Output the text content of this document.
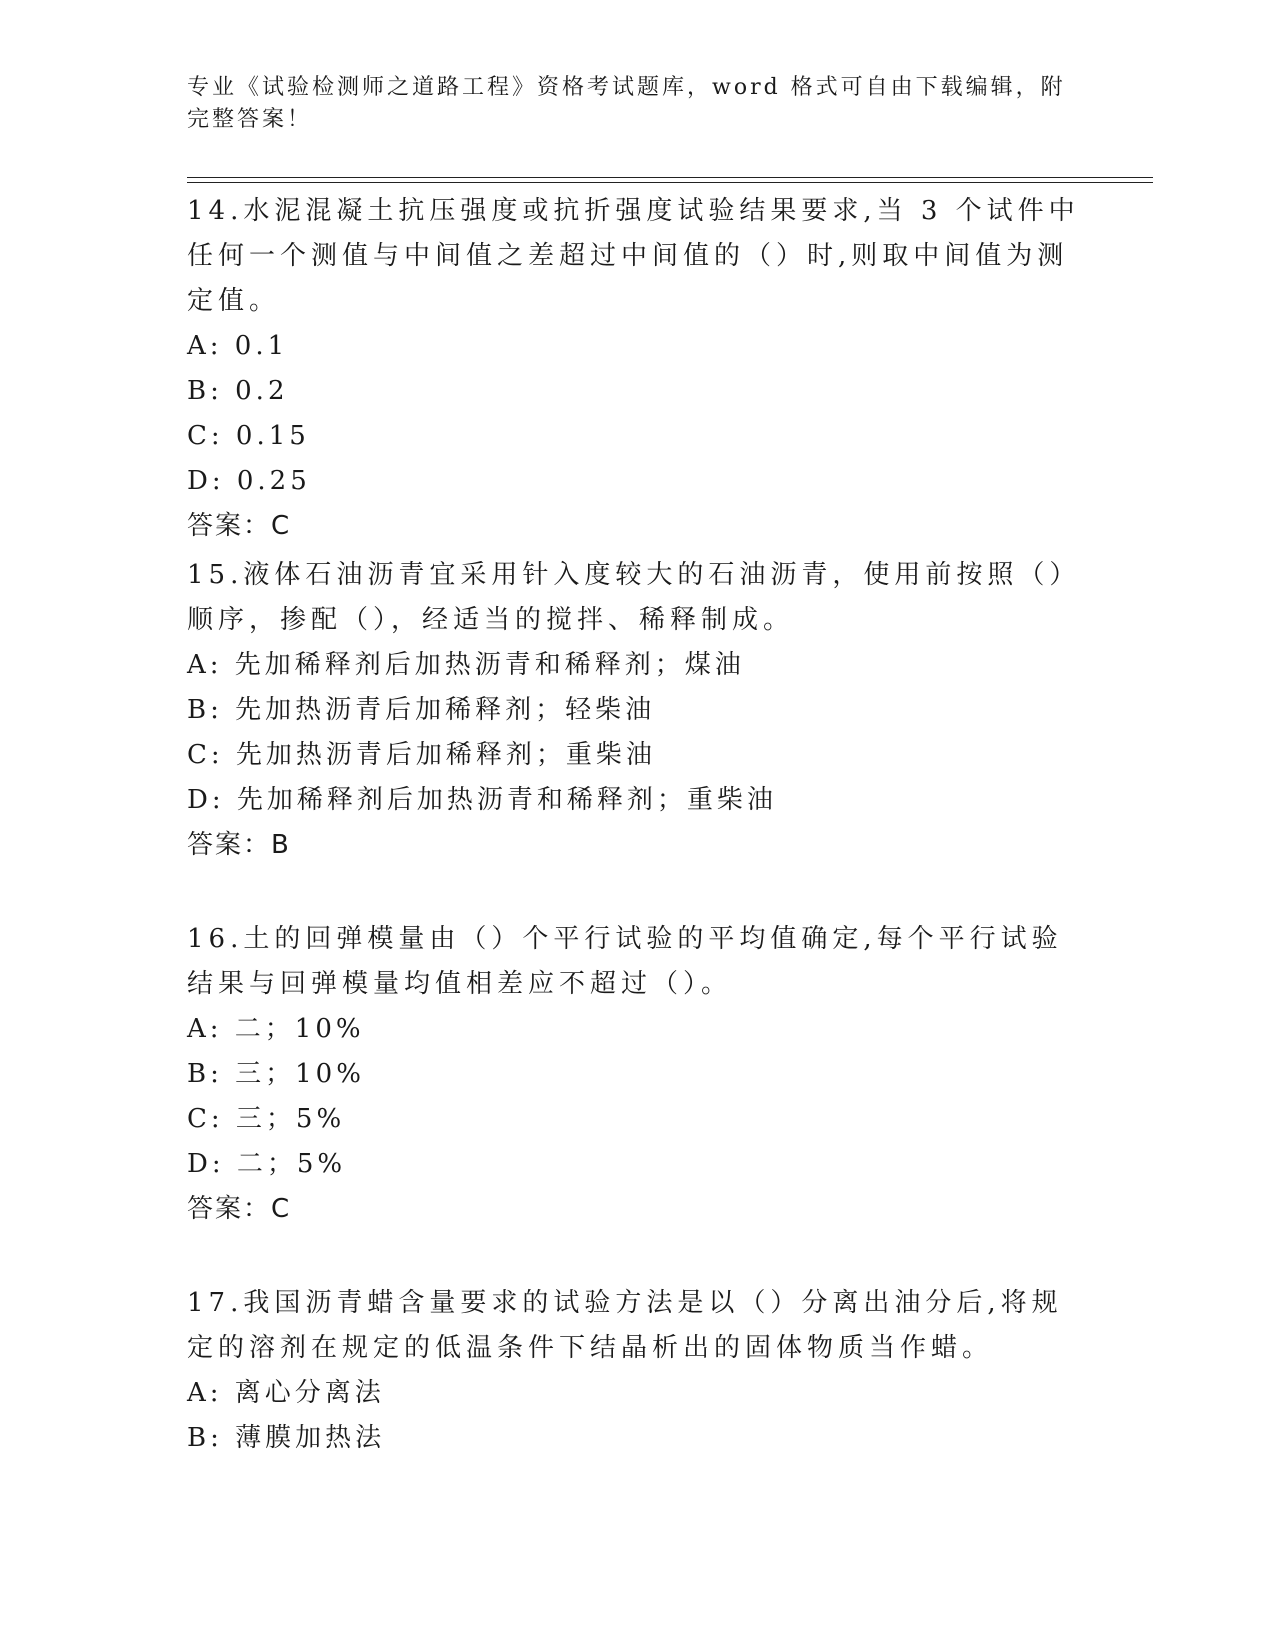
专业《试验检测师之道路工程》资格考试题库，word 格式可自由下载编辑，附完整答案！

14.水泥混凝土抗压强度或抗折强度试验结果要求,当 3 个试件中任何一个测值与中间值之差超过中间值的（）时,则取中间值为测定值。

A: 0.1

B: 0.2

C: 0.15

D: 0.25

答案：C

15.液体石油沥青宜采用针入度较大的石油沥青，使用前按照（）顺序，掺配（），经适当的搅拌、稀释制成。

A: 先加稀释剂后加热沥青和稀释剂；煤油

B: 先加热沥青后加稀释剂；轻柴油

C: 先加热沥青后加稀释剂；重柴油

D: 先加稀释剂后加热沥青和稀释剂；重柴油

答案：B

16.土的回弹模量由（）个平行试验的平均值确定,每个平行试验结果与回弹模量均值相差应不超过（）。

A: 二；10%

B: 三；10%

C: 三；5%

D: 二；5%

答案：C

17.我国沥青蜡含量要求的试验方法是以（）分离出油分后,将规定的溶剂在规定的低温条件下结晶析出的固体物质当作蜡。

A: 离心分离法

B: 薄膜加热法
